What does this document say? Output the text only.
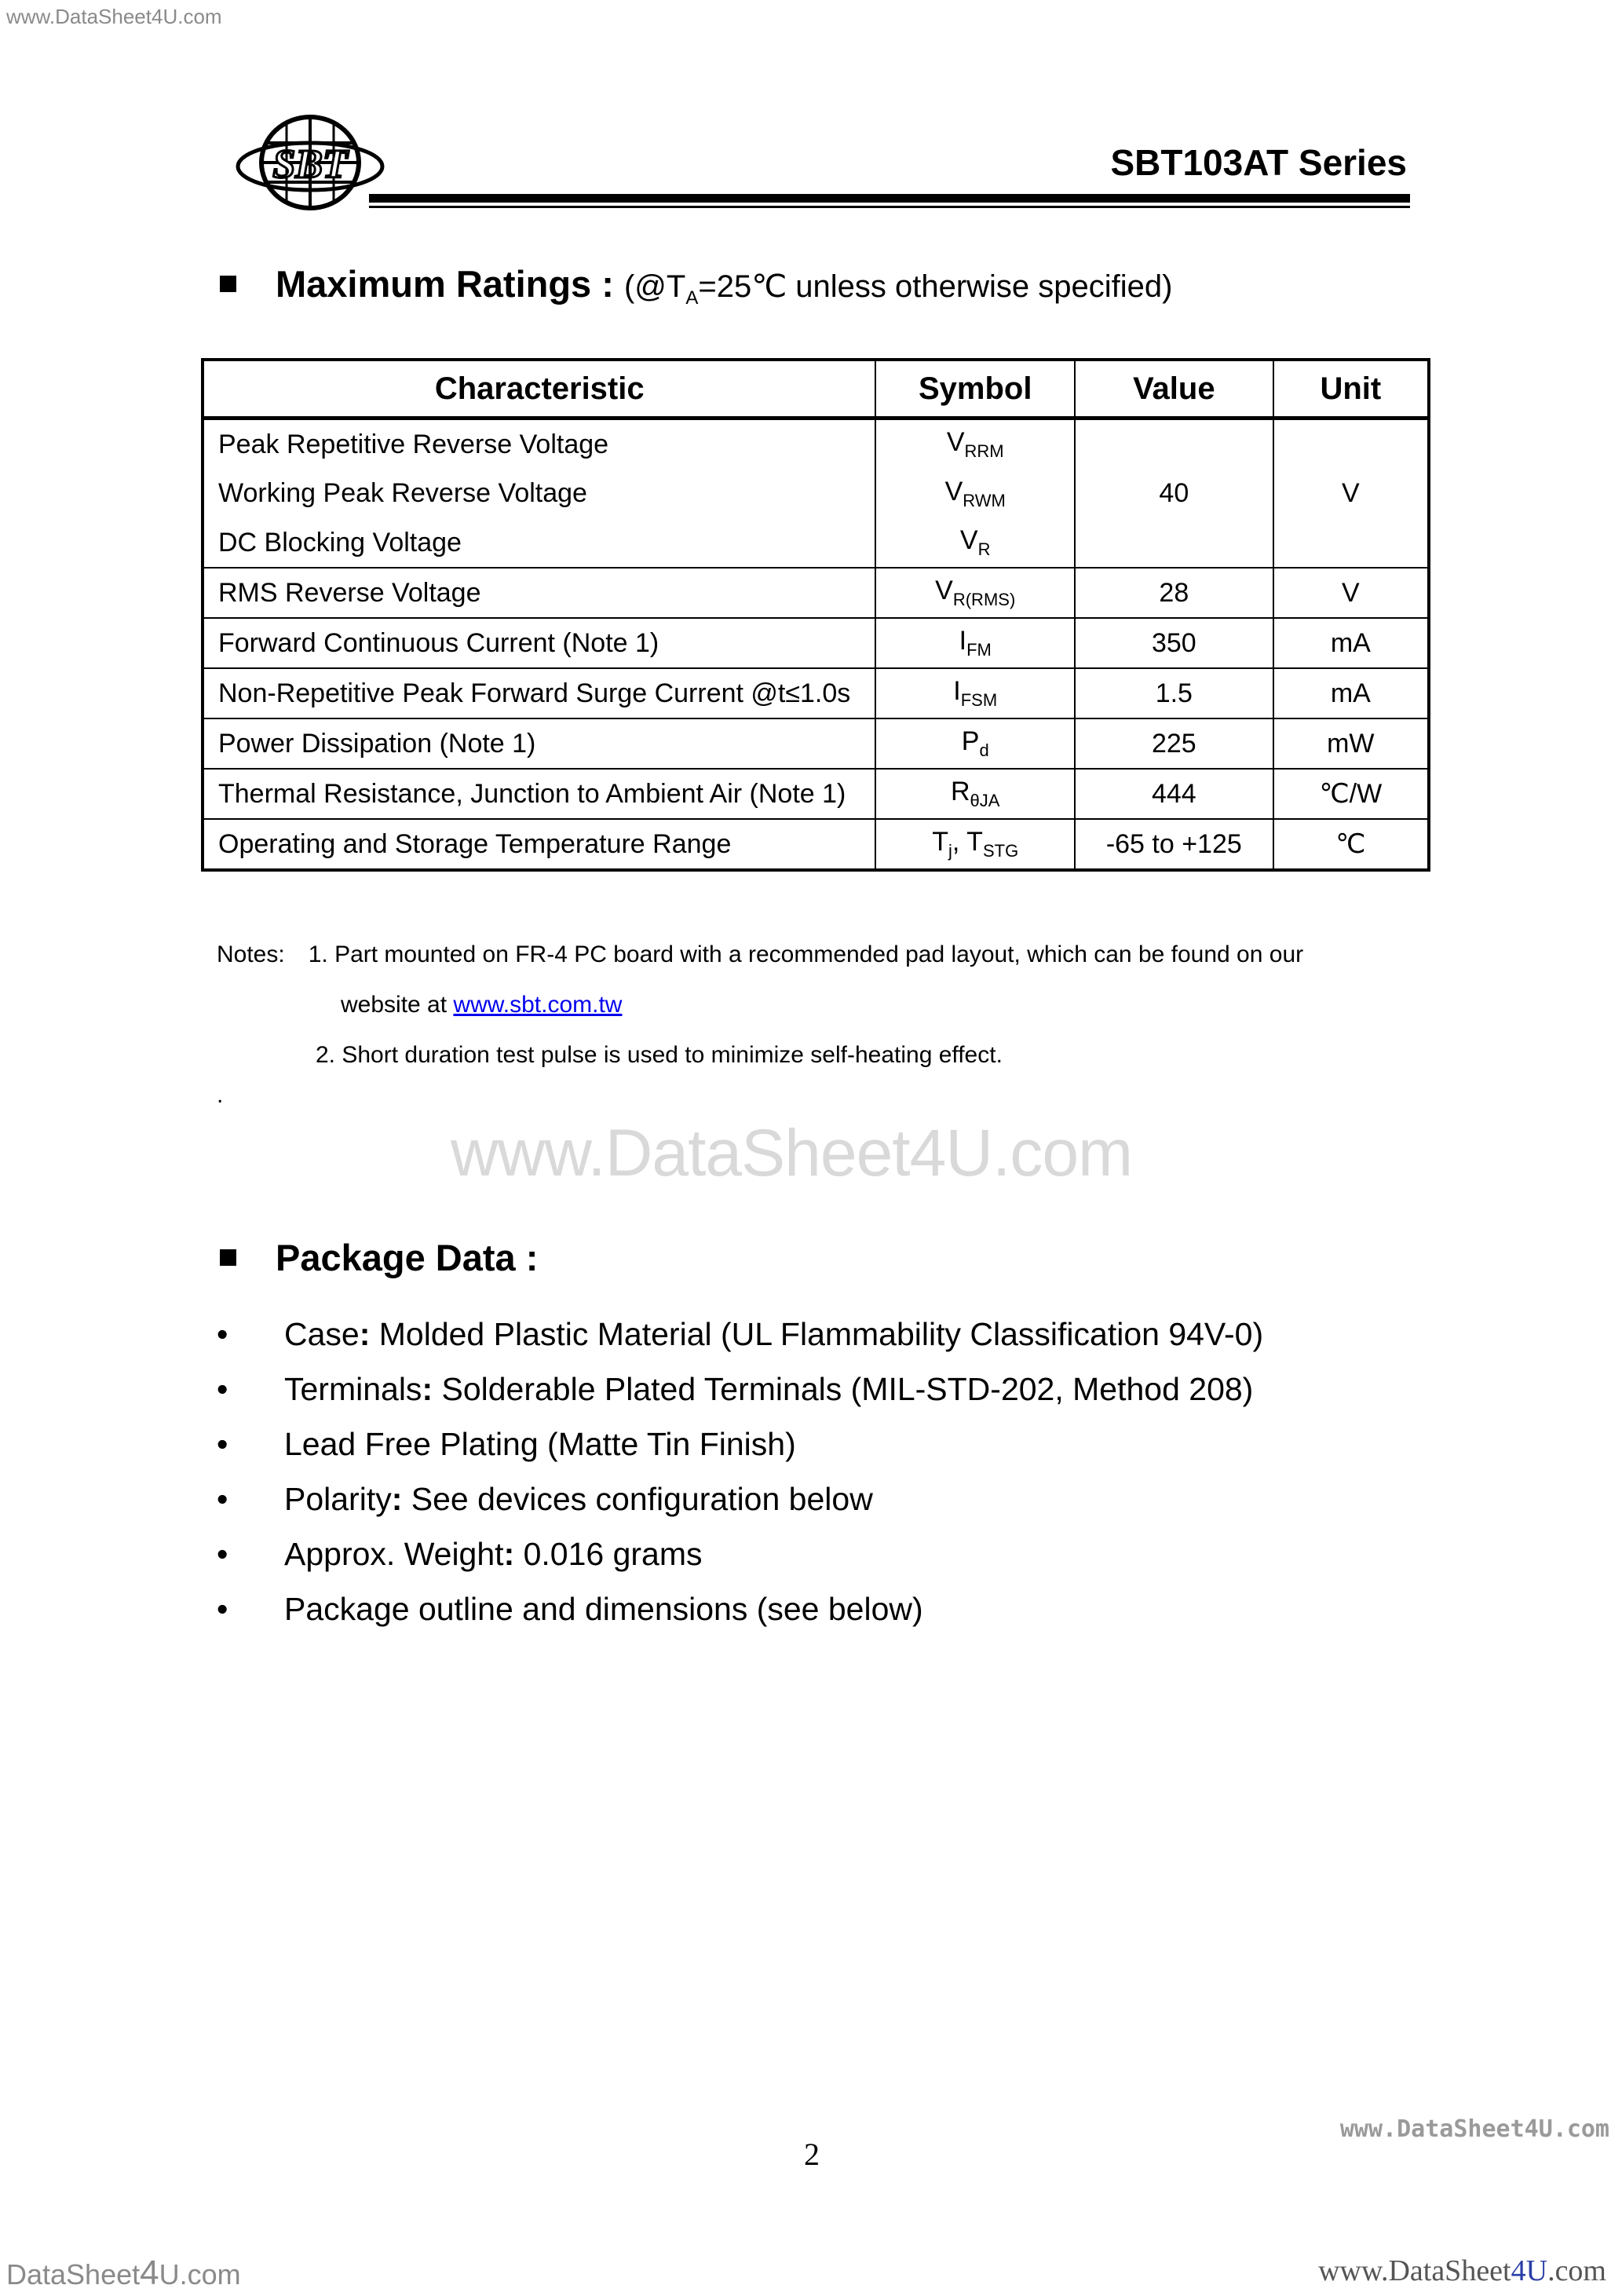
www.DataSheet4U.com
SBT	SBT103AT Series
Maximum Ratings : ($@T_A=25℃$ unless otherwise specified)
Characteristic	Symbol	Value	Unit
Peak Repetitive Reverse Voltage	$V_{RRM}$	40	V
Working Peak Reverse Voltage	$V_{RWM}$
DC Blocking Voltage	$V_R$
RMS Reverse Voltage	$V_{R(RMS)}$	28	V
Forward Continuous Current (Note 1)	$I_{FM}$	350	mA
Non-Repetitive Peak Forward Surge Current @t≤1.0s	$I_{FSM}$	1.5	mA
Power Dissipation (Note 1)	$P_d$	225	mW
Thermal Resistance, Junction to Ambient Air (Note 1)	$R_{\theta JA}$	444	℃/W
Operating and Storage Temperature Range	$T_j$, $T_{STG}$	-65 to +125	℃
Notes: 1. Part mounted on FR-4 PC board with a recommended pad layout, which can be found on our
website at www.sbt.com.tw
2. Short duration test pulse is used to minimize self-heating effect.
.
www.DataSheet4U.com
Package Data :
• Case: Molded Plastic Material (UL Flammability Classification 94V-0)
• Terminals: Solderable Plated Terminals (MIL-STD-202, Method 208)
• Lead Free Plating (Matte Tin Finish)
• Polarity: See devices configuration below
• Approx. Weight: 0.016 grams
• Package outline and dimensions (see below)
2
www.DataSheet4U.com
DataSheet4U.com	www.DataSheet4U.com
